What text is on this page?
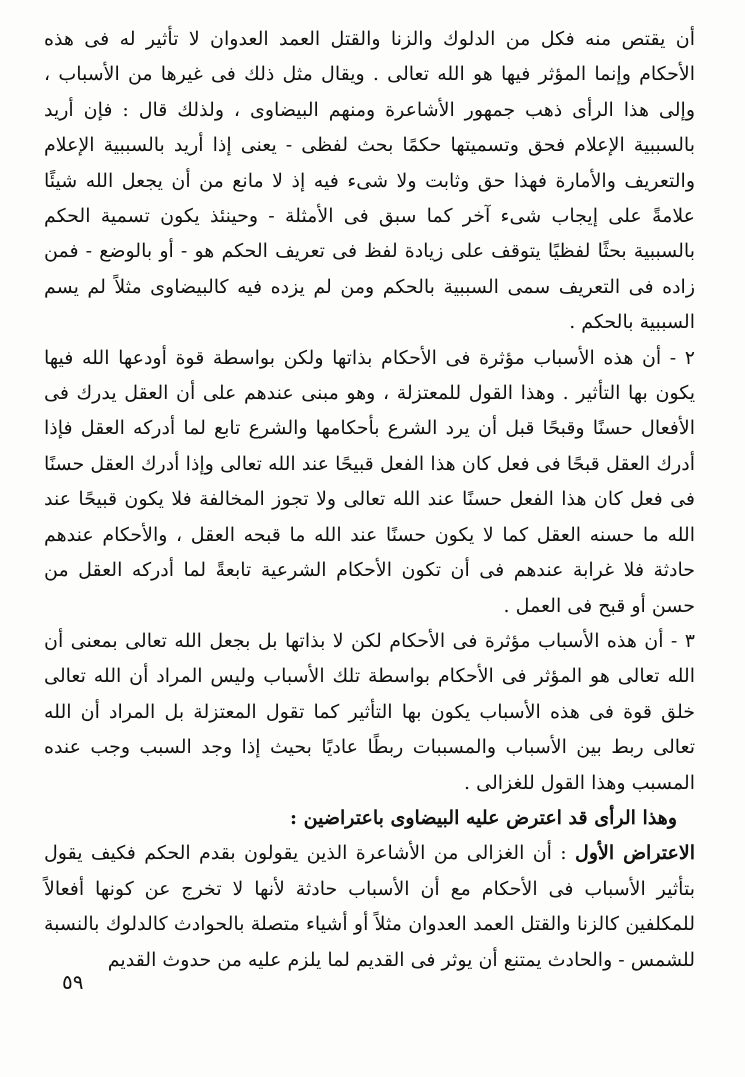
أن يقتص منه فكل من الدلوك والزنا والقتل العمد العدوان لا تأثير له فى هذه الأحكام وإنما المؤثر فيها هو الله تعالى . ويقال مثل ذلك فى غيرها من الأسباب ، وإلى هذا الرأى ذهب جمهور الأشاعرة ومنهم البيضاوى ، ولذلك قال : فإن أريد بالسببية الإعلام فحق وتسميتها حكمًا بحث لفظى - يعنى إذا أريد بالسببية الإعلام والتعريف والأمارة فهذا حق وثابت ولا شىء فيه إذ لا مانع من أن يجعل الله شيئًا علامةً على إيجاب شىء آخر كما سبق فى الأمثلة - وحينئذ يكون تسمية الحكم بالسببية بحثًا لفظيًا يتوقف على زيادة لفظ فى تعريف الحكم هو - أو بالوضع - فمن زاده فى التعريف سمى السببية بالحكم ومن لم يزده فيه كالبيضاوى مثلاً لم يسم السببية بالحكم .

٢ - أن هذه الأسباب مؤثرة فى الأحكام بذاتها ولكن بواسطة قوة أودعها الله فيها يكون بها التأثير . وهذا القول للمعتزلة ، وهو مبنى عندهم على أن العقل يدرك فى الأفعال حسنًا وقبحًا قبل أن يرد الشرع بأحكامها والشرع تابع لما أدركه العقل فإذا أدرك العقل قبحًا فى فعل كان هذا الفعل قبيحًا عند الله تعالى وإذا أدرك العقل حسنًا فى فعل كان هذا الفعل حسنًا عند الله تعالى ولا تجوز المخالفة فلا يكون قبيحًا عند الله ما حسنه العقل كما لا يكون حسنًا عند الله ما قبحه العقل ، والأحكام عندهم حادثة فلا غرابة عندهم فى أن تكون الأحكام الشرعية تابعةً لما أدركه العقل من حسن أو قبح فى العمل .

٣ - أن هذه الأسباب مؤثرة فى الأحكام لكن لا بذاتها بل بجعل الله تعالى بمعنى أن الله تعالى هو المؤثر فى الأحكام بواسطة تلك الأسباب وليس المراد أن الله تعالى خلق قوة فى هذه الأسباب يكون بها التأثير كما تقول المعتزلة بل المراد أن الله تعالى ربط بين الأسباب والمسببات ربطًا عاديًا بحيث إذا وجد السبب وجب عنده المسبب وهذا القول للغزالى .

وهذا الرأى قد اعترض عليه البيضاوى باعتراضين :

الاعتراض الأول : أن الغزالى من الأشاعرة الذين يقولون بقدم الحكم فكيف يقول بتأثير الأسباب فى الأحكام مع أن الأسباب حادثة لأنها لا تخرج عن كونها أفعالاً للمكلفين كالزنا والقتل العمد العدوان مثلاً أو أشياء متصلة بالحوادث كالدلوك بالنسبة للشمس - والحادث يمتنع أن يوثر فى القديم لما يلزم عليه من حدوث القديم

٥٩
